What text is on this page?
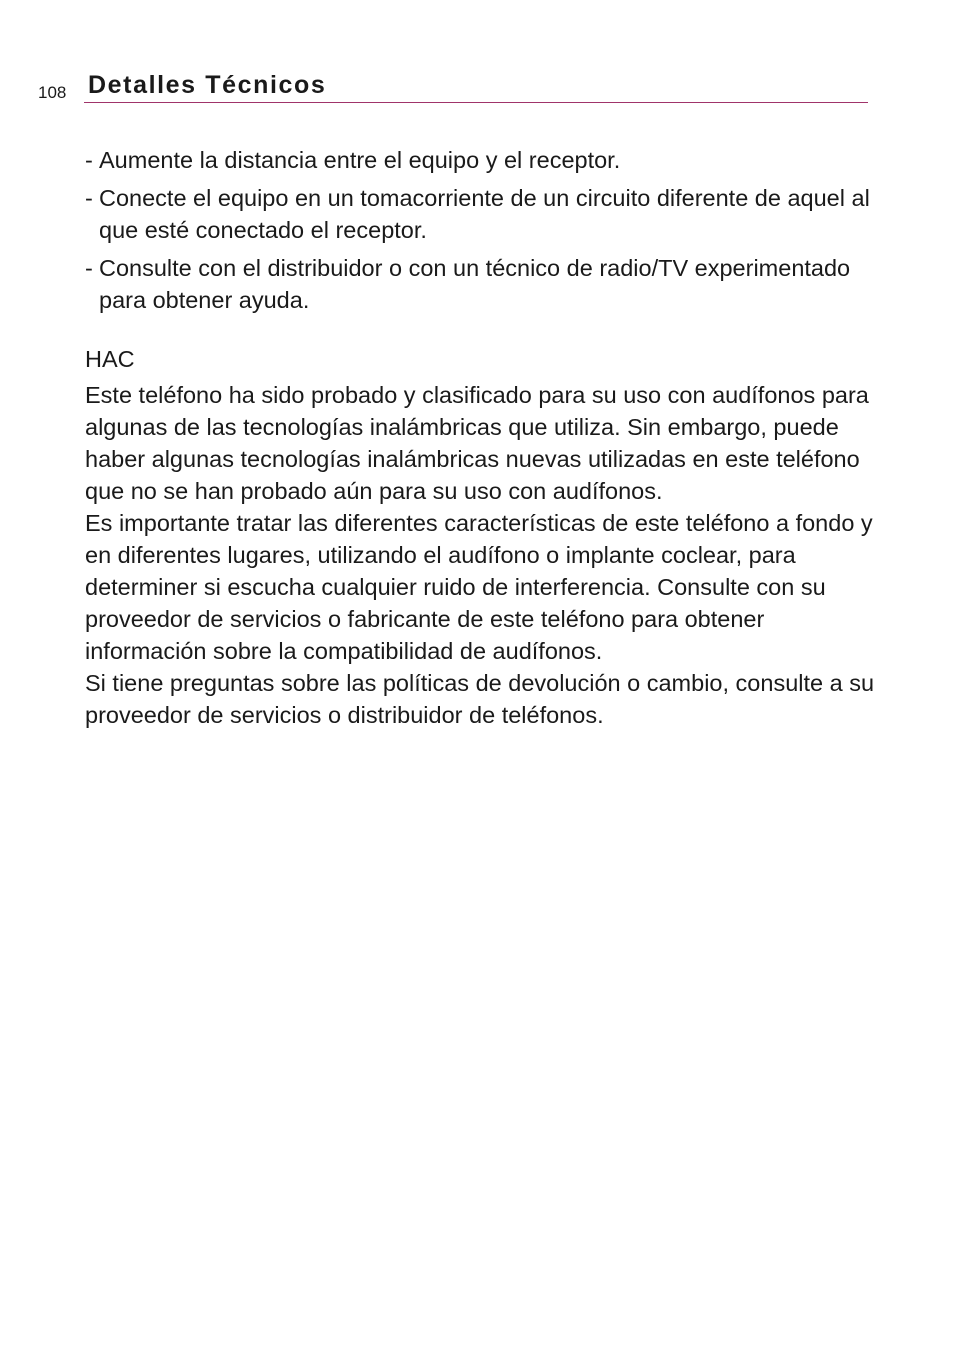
108 Detalles Técnicos
- Aumente la distancia entre el equipo y el receptor.
- Conecte el equipo en un tomacorriente de un circuito diferente de aquel al que esté conectado el receptor.
- Consulte con el distribuidor o con un técnico de radio/TV experimentado para obtener ayuda.
HAC

Este teléfono ha sido probado y clasificado para su uso con audífonos para algunas de las tecnologías inalámbricas que utiliza. Sin embargo, puede haber algunas tecnologías inalámbricas nuevas utilizadas en este teléfono que no se han probado aún para su uso con audífonos.

Es importante tratar las diferentes características de este teléfono a fondo y en diferentes lugares, utilizando el audífono o implante coclear, para determiner si escucha cualquier ruido de interferencia. Consulte con su proveedor de servicios o fabricante de este teléfono para obtener información sobre la compatibilidad de audífonos.

Si tiene preguntas sobre las políticas de devolución o cambio, consulte a su proveedor de servicios o distribuidor de teléfonos.
